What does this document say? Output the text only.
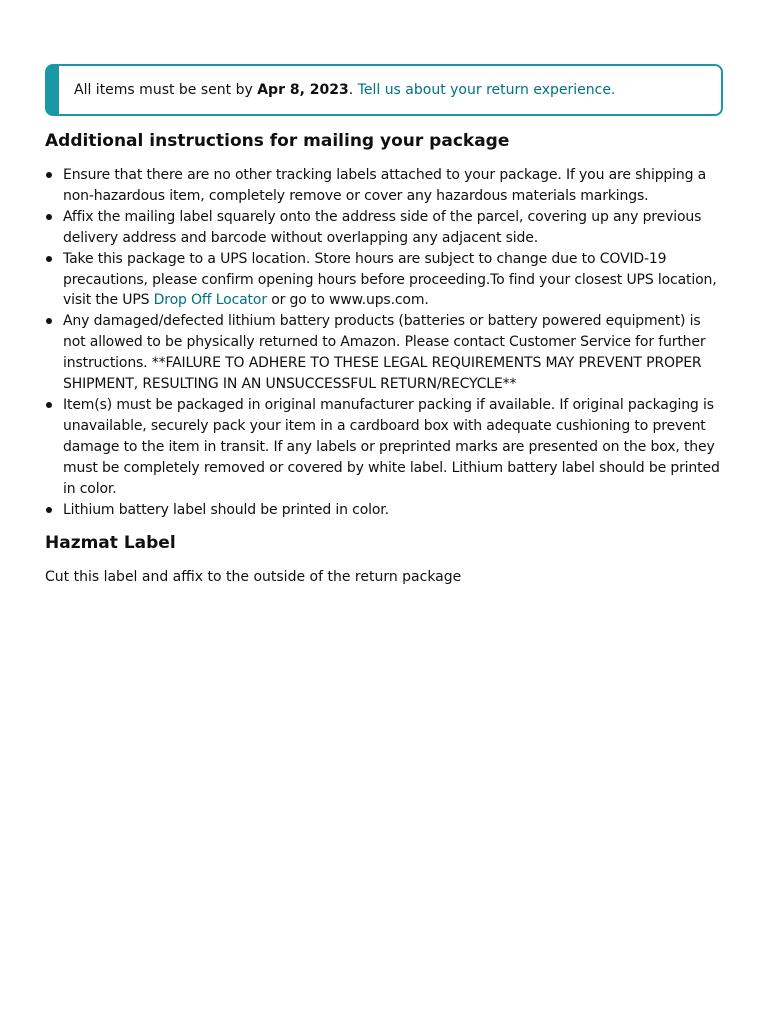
All items must be sent by Apr 8, 2023. Tell us about your return experience.
Additional instructions for mailing your package
Ensure that there are no other tracking labels attached to your package. If you are shipping a non-hazardous item, completely remove or cover any hazardous materials markings.
Affix the mailing label squarely onto the address side of the parcel, covering up any previous delivery address and barcode without overlapping any adjacent side.
Take this package to a UPS location. Store hours are subject to change due to COVID-19 precautions, please confirm opening hours before proceeding.To find your closest UPS location, visit the UPS Drop Off Locator or go to www.ups.com.
Any damaged/defected lithium battery products (batteries or battery powered equipment) is not allowed to be physically returned to Amazon. Please contact Customer Service for further instructions. **FAILURE TO ADHERE TO THESE LEGAL REQUIREMENTS MAY PREVENT PROPER SHIPMENT, RESULTING IN AN UNSUCCESSFUL RETURN/RECYCLE**
Item(s) must be packaged in original manufacturer packing if available. If original packaging is unavailable, securely pack your item in a cardboard box with adequate cushioning to prevent damage to the item in transit. If any labels or preprinted marks are presented on the box, they must be completely removed or covered by white label. Lithium battery label should be printed in color.
Lithium battery label should be printed in color.
Hazmat Label
Cut this label and affix to the outside of the return package
